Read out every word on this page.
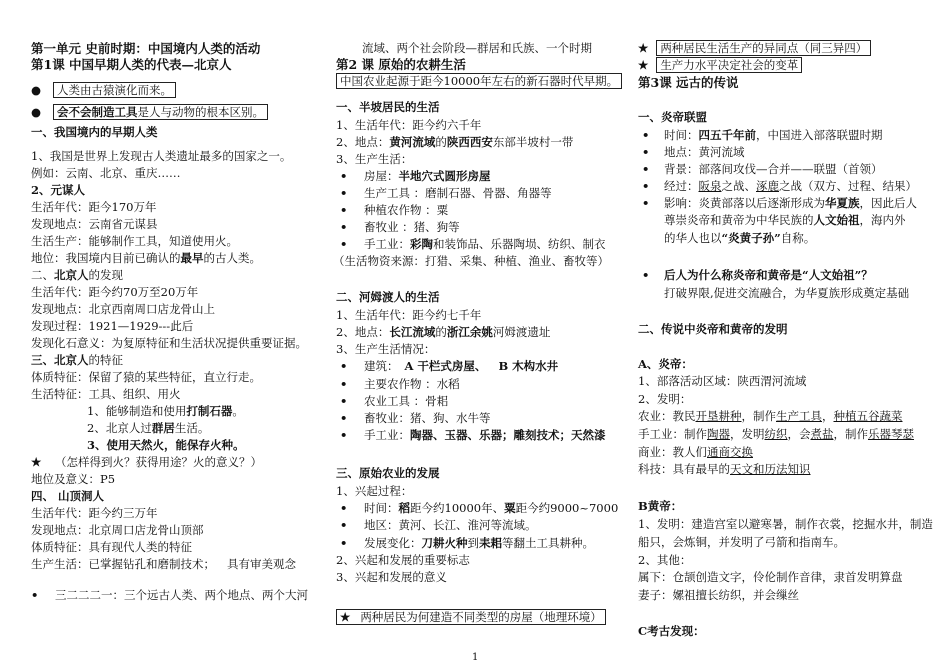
第一单元 史前时期：中国境内人类的活动
第1课 中国早期人类的代表—北京人
● 人类由古猿演化而来。
● 会不会制造工具是人与动物的根本区别。
一、我国境内的早期人类
1、我国是世界上发现古人类遗址最多的国家之一。
例如：云南、北京、重庆……
2、元谋人
生活年代：距今170万年
发现地点：云南省元谋县
生活生产：能够制作工具，知道使用火。
地位：我国境内目前已确认的最早的古人类。
二、北京人的发现
生活年代：距今约70万至20万年
发现地点：北京西南周口店龙骨山上
发现过程：1921—1929---此后
发现化石意义：为复原特征和生活状况提供重要证据。
三、北京人的特征
体质特征：保留了猿的某些特征，直立行走。
生活特征：工具、组织、用火
1、能够制造和使用打制石器。
2、北京人过群居生活。
3、使用天然火，能保存火种。
★ （怎样得到火？获得用途？火的意义？）
地位及意义：P5
四、 山顶洞人
生活年代：距今约三万年
发现地点：北京周口店龙骨山顶部
体质特征：具有现代人类的特征
生产生活：已掌握钻孔和磨制技术； 具有审美观念
• 三二二二一：三个远古人类、两个地点、两个大河
流域、两个社会阶段—群居和氏族、一个时期
第2 课 原始的农耕生活
中国农业起源于距今10000年左右的新石器时代早期。
一、半坡居民的生活
1、生活年代：距今约六千年
2、地点：黄河流域的陕西西安东部半坡村一带
3、生产生活：
• 房屋：半地穴式圆形房屋
• 生产工具 ：磨制石器、骨器、角器等
• 种植农作物 ：粟
• 畜牧业 ：猪、狗等
• 手工业：彩陶和装饰品、乐器陶埙、纺织、制衣
（生活物资来源：打猎、采集、种植、渔业、畜牧等）
二、河姆渡人的生活
1、生活年代：距今约七千年
2、地点：长江流域的浙江余姚河姆渡遗址
3、生产生活情况：
• 建筑： A 干栏式房屋、 B 木构水井
• 主要农作物 ：水稻
• 农业工具 ：骨耜
• 畜牧业：猪、狗、水牛等
• 手工业：陶器、玉器、乐器；雕刻技术；天然漆
三、原始农业的发展
1、兴起过程：
• 时间：稻距今约10000年、粟距今约9000~7000
• 地区：黄河、长江、淮河等流域。
• 发展变化：刀耕火种到耒耜等翻土工具耕种。
2、兴起和发展的重要标志
3、兴起和发展的意义
★ 两种居民为何建造不同类型的房屋（地理环境）
★ 两种居民生活生产的异同点（同三异四）
★ 生产力水平决定社会的变革
第3课 远古的传说
一、炎帝联盟
• 时间：四五千年前，中国进入部落联盟时期
• 地点：黄河流域
• 背景：部落间攻伐—合并——联盟（首领）
• 经过：阪泉之战、涿鹿之战（双方、过程、结果）
• 影响：炎黄部落以后逐渐形成为华夏族，因此后人
尊崇炎帝和黄帝为中华民族的人文始祖，海内外
的华人也以“炎黄子孙”自称。
• 后人为什么称炎帝和黄帝是“人文始祖”？
打破界限,促进交流融合，为华夏族形成奠定基础
二、传说中炎帝和黄帝的发明
A、炎帝：
1、部落活动区域：陕西渭河流域
2、发明：
农业：教民开垦耕种，制作生产工具，种植五谷蔬菜
手工业：制作陶器，发明纺织，会煮盐，制作乐器琴瑟
商业：教人们通商交换
科技：具有最早的天文和历法知识
B黄帝：
1、发明：建造宫室以避寒暑，制作衣裳，挖掘水井，制造
船只，会炼铜，并发明了弓箭和指南车。
2、其他：
属下：仓颉创造文字，伶伦制作音律，隶首发明算盘
妻子：嫘祖擅长纺织，并会缫丝
C考古发现：
1
